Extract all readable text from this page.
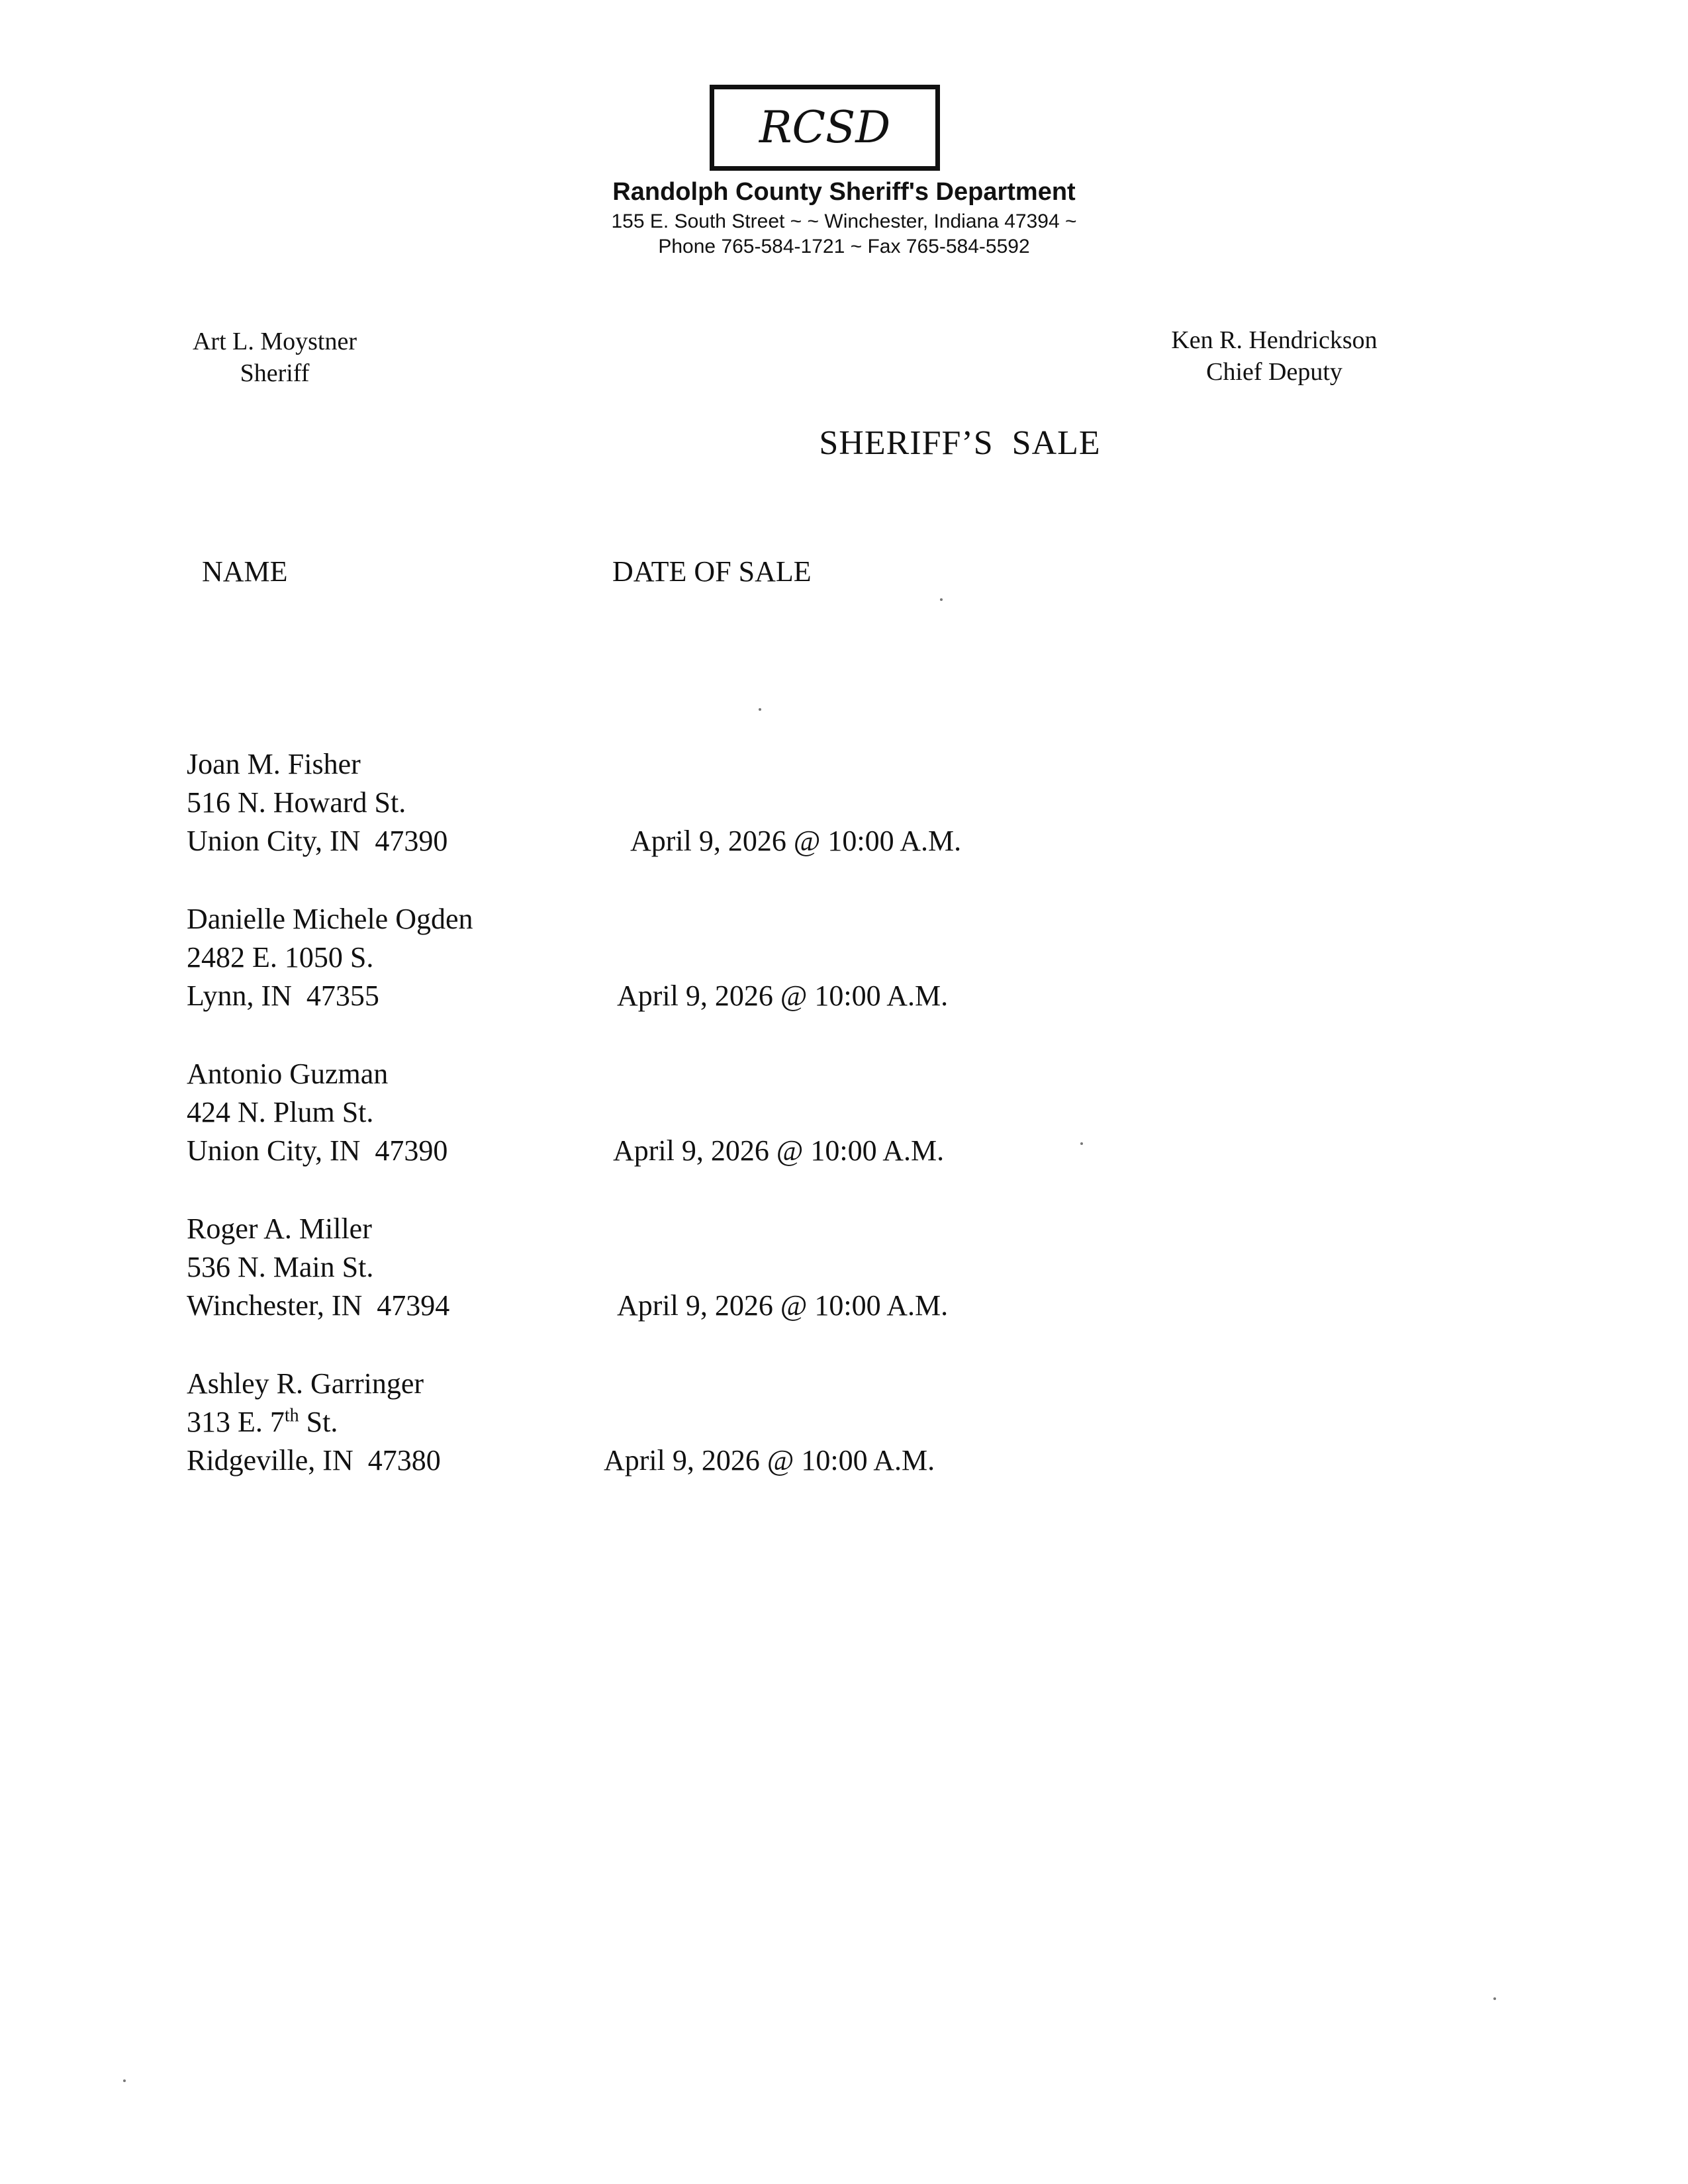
RCSD
Randolph County Sheriff's Department
155 E. South Street ~ ~ Winchester, Indiana 47394 ~
Phone 765-584-1721 ~ Fax 765-584-5592
Art L. Moystner
Sheriff
Ken R. Hendrickson
Chief Deputy
SHERIFF’S  SALE
NAME	DATE OF SALE
Joan M. Fisher
516 N. Howard St.
Union City, IN  47390	April 9, 2026 @ 10:00 A.M.
Danielle Michele Ogden
2482 E. 1050 S.
Lynn, IN  47355	April 9, 2026 @ 10:00 A.M.
Antonio Guzman
424 N. Plum St.
Union City, IN  47390	April 9, 2026 @ 10:00 A.M.
Roger A. Miller
536 N. Main St.
Winchester, IN  47394	April 9, 2026 @ 10:00 A.M.
Ashley R. Garringer
313 E. 7th St.
Ridgeville, IN  47380	April 9, 2026 @ 10:00 A.M.
